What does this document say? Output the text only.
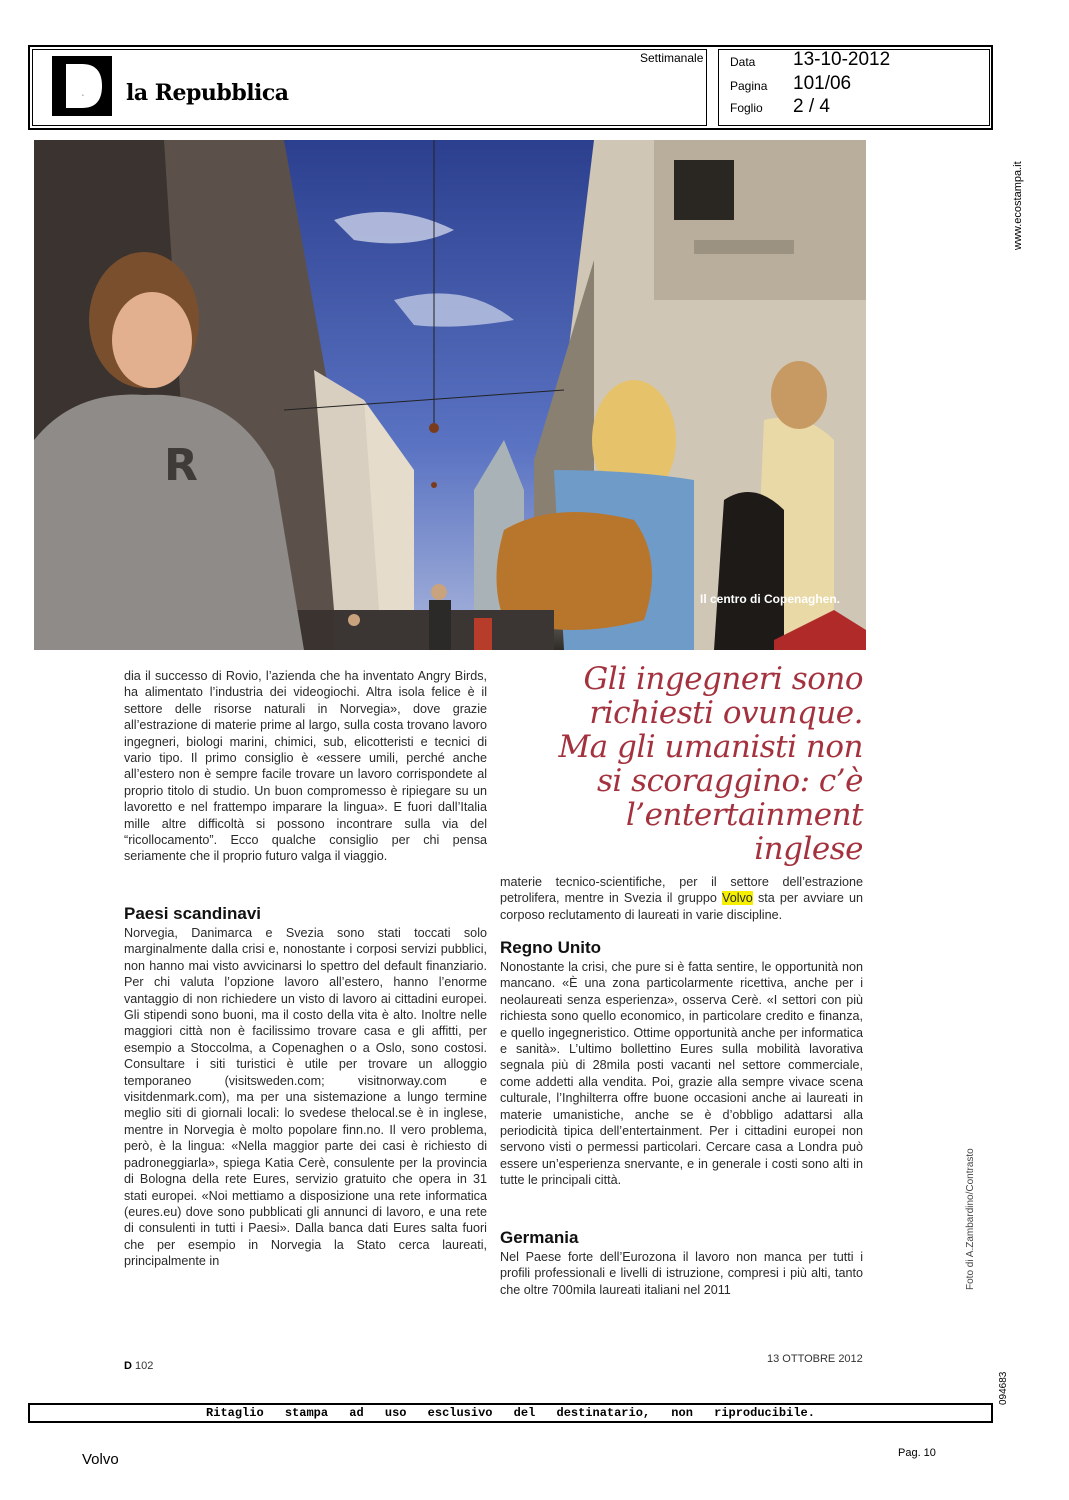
D la Repubblica
Settimanale Data 13-10-2012
Pagina 101/06
Foglio 2 / 4
www.ecostampa.it
Foto di A.Zambardino/Contrasto
094683
R
Il centro di Copenaghen.

dia il successo di Rovio, l’azienda che ha inventato Angry Birds, ha alimentato l’industria dei videogiochi. Altra isola felice è il settore delle risorse naturali in Norvegia», dove grazie all’estrazione di materie prime al largo, sulla costa trovano lavoro ingegneri, biologi marini, chimici, sub, elicotteristi e tecnici di vario tipo. Il primo consiglio è «essere umili, perché anche all’estero non è sempre facile trovare un lavoro corrispondete al proprio titolo di studio. Un buon compromesso è ripiegare su un lavoretto e nel frattempo imparare la lingua». E fuori dall’Italia mille altre difficoltà si possono incontrare sulla via del “ricollocamento”. Ecco qualche consiglio per chi pensa seriamente che il proprio futuro valga il viaggio.

Paesi scandinavi

Norvegia, Danimarca e Svezia sono stati toccati solo marginalmente dalla crisi e, nonostante i corposi servizi pubblici, non hanno mai visto avvicinarsi lo spettro del default finanziario. Per chi valuta l’opzione lavoro all’estero, hanno l’enorme vantaggio di non richiedere un visto di lavoro ai cittadini europei. Gli stipendi sono buoni, ma il costo della vita è alto. Inoltre nelle maggiori città non è facilissimo trovare casa e gli affitti, per esempio a Stoccolma, a Copenaghen o a Oslo, sono costosi. Consultare i siti turistici è utile per trovare un alloggio temporaneo (visitsweden.com; visitnorway.com e visitdenmark.com), ma per una sistemazione a lungo termine meglio siti di giornali locali: lo svedese thelocal.se è in inglese, mentre in Norvegia è molto popolare finn.no. Il vero problema, però, è la lingua: «Nella maggior parte dei casi è richiesto di padroneggiarla», spiega Katia Cerè, consulente per la provincia di Bologna della rete Eures, servizio gratuito che opera in 31 stati europei. «Noi mettiamo a disposizione una rete informatica (eures.eu) dove sono pubblicati gli annunci di lavoro, e una rete di consulenti in tutti i Paesi». Dalla banca dati Eures salta fuori che per esempio in Norvegia la Stato cerca laureati, principalmente in

Gli ingegneri sono richiesti ovunque. Ma gli umanisti non si scoraggino: c’è l’entertainment inglese

materie tecnico-scientifiche, per il settore dell’estrazione petrolifera, mentre in Svezia il gruppo Volvo sta per avviare un corposo reclutamento di laureati in varie discipline.

Regno Unito

Nonostante la crisi, che pure si è fatta sentire, le opportunità non mancano. «È una zona particolarmente ricettiva, anche per i neolaureati senza esperienza», osserva Cerè. «I settori con più richiesta sono quello economico, in particolare credito e finanza, e quello ingegneristico. Ottime opportunità anche per informatica e sanità». L’ultimo bollettino Eures sulla mobilità lavorativa segnala più di 28mila posti vacanti nel settore commerciale, come addetti alla vendita. Poi, grazie alla sempre vivace scena culturale, l’Inghilterra offre buone occasioni anche ai laureati in materie umanistiche, anche se è d’obbligo adattarsi alla periodicità tipica dell’entertainment. Per i cittadini europei non servono visti o permessi particolari. Cercare casa a Londra può essere un’esperienza snervante, e in generale i costi sono alti in tutte le principali città.

Germania

Nel Paese forte dell’Eurozona il lavoro non manca per tutti i profili professionali e livelli di istruzione, compresi i più alti, tanto che oltre 700mila laureati italiani nel 2011

D 102
13 OTTOBRE 2012
Ritaglio stampa ad uso esclusivo del destinatario, non riproducibile.
Volvo	Pag. 10
